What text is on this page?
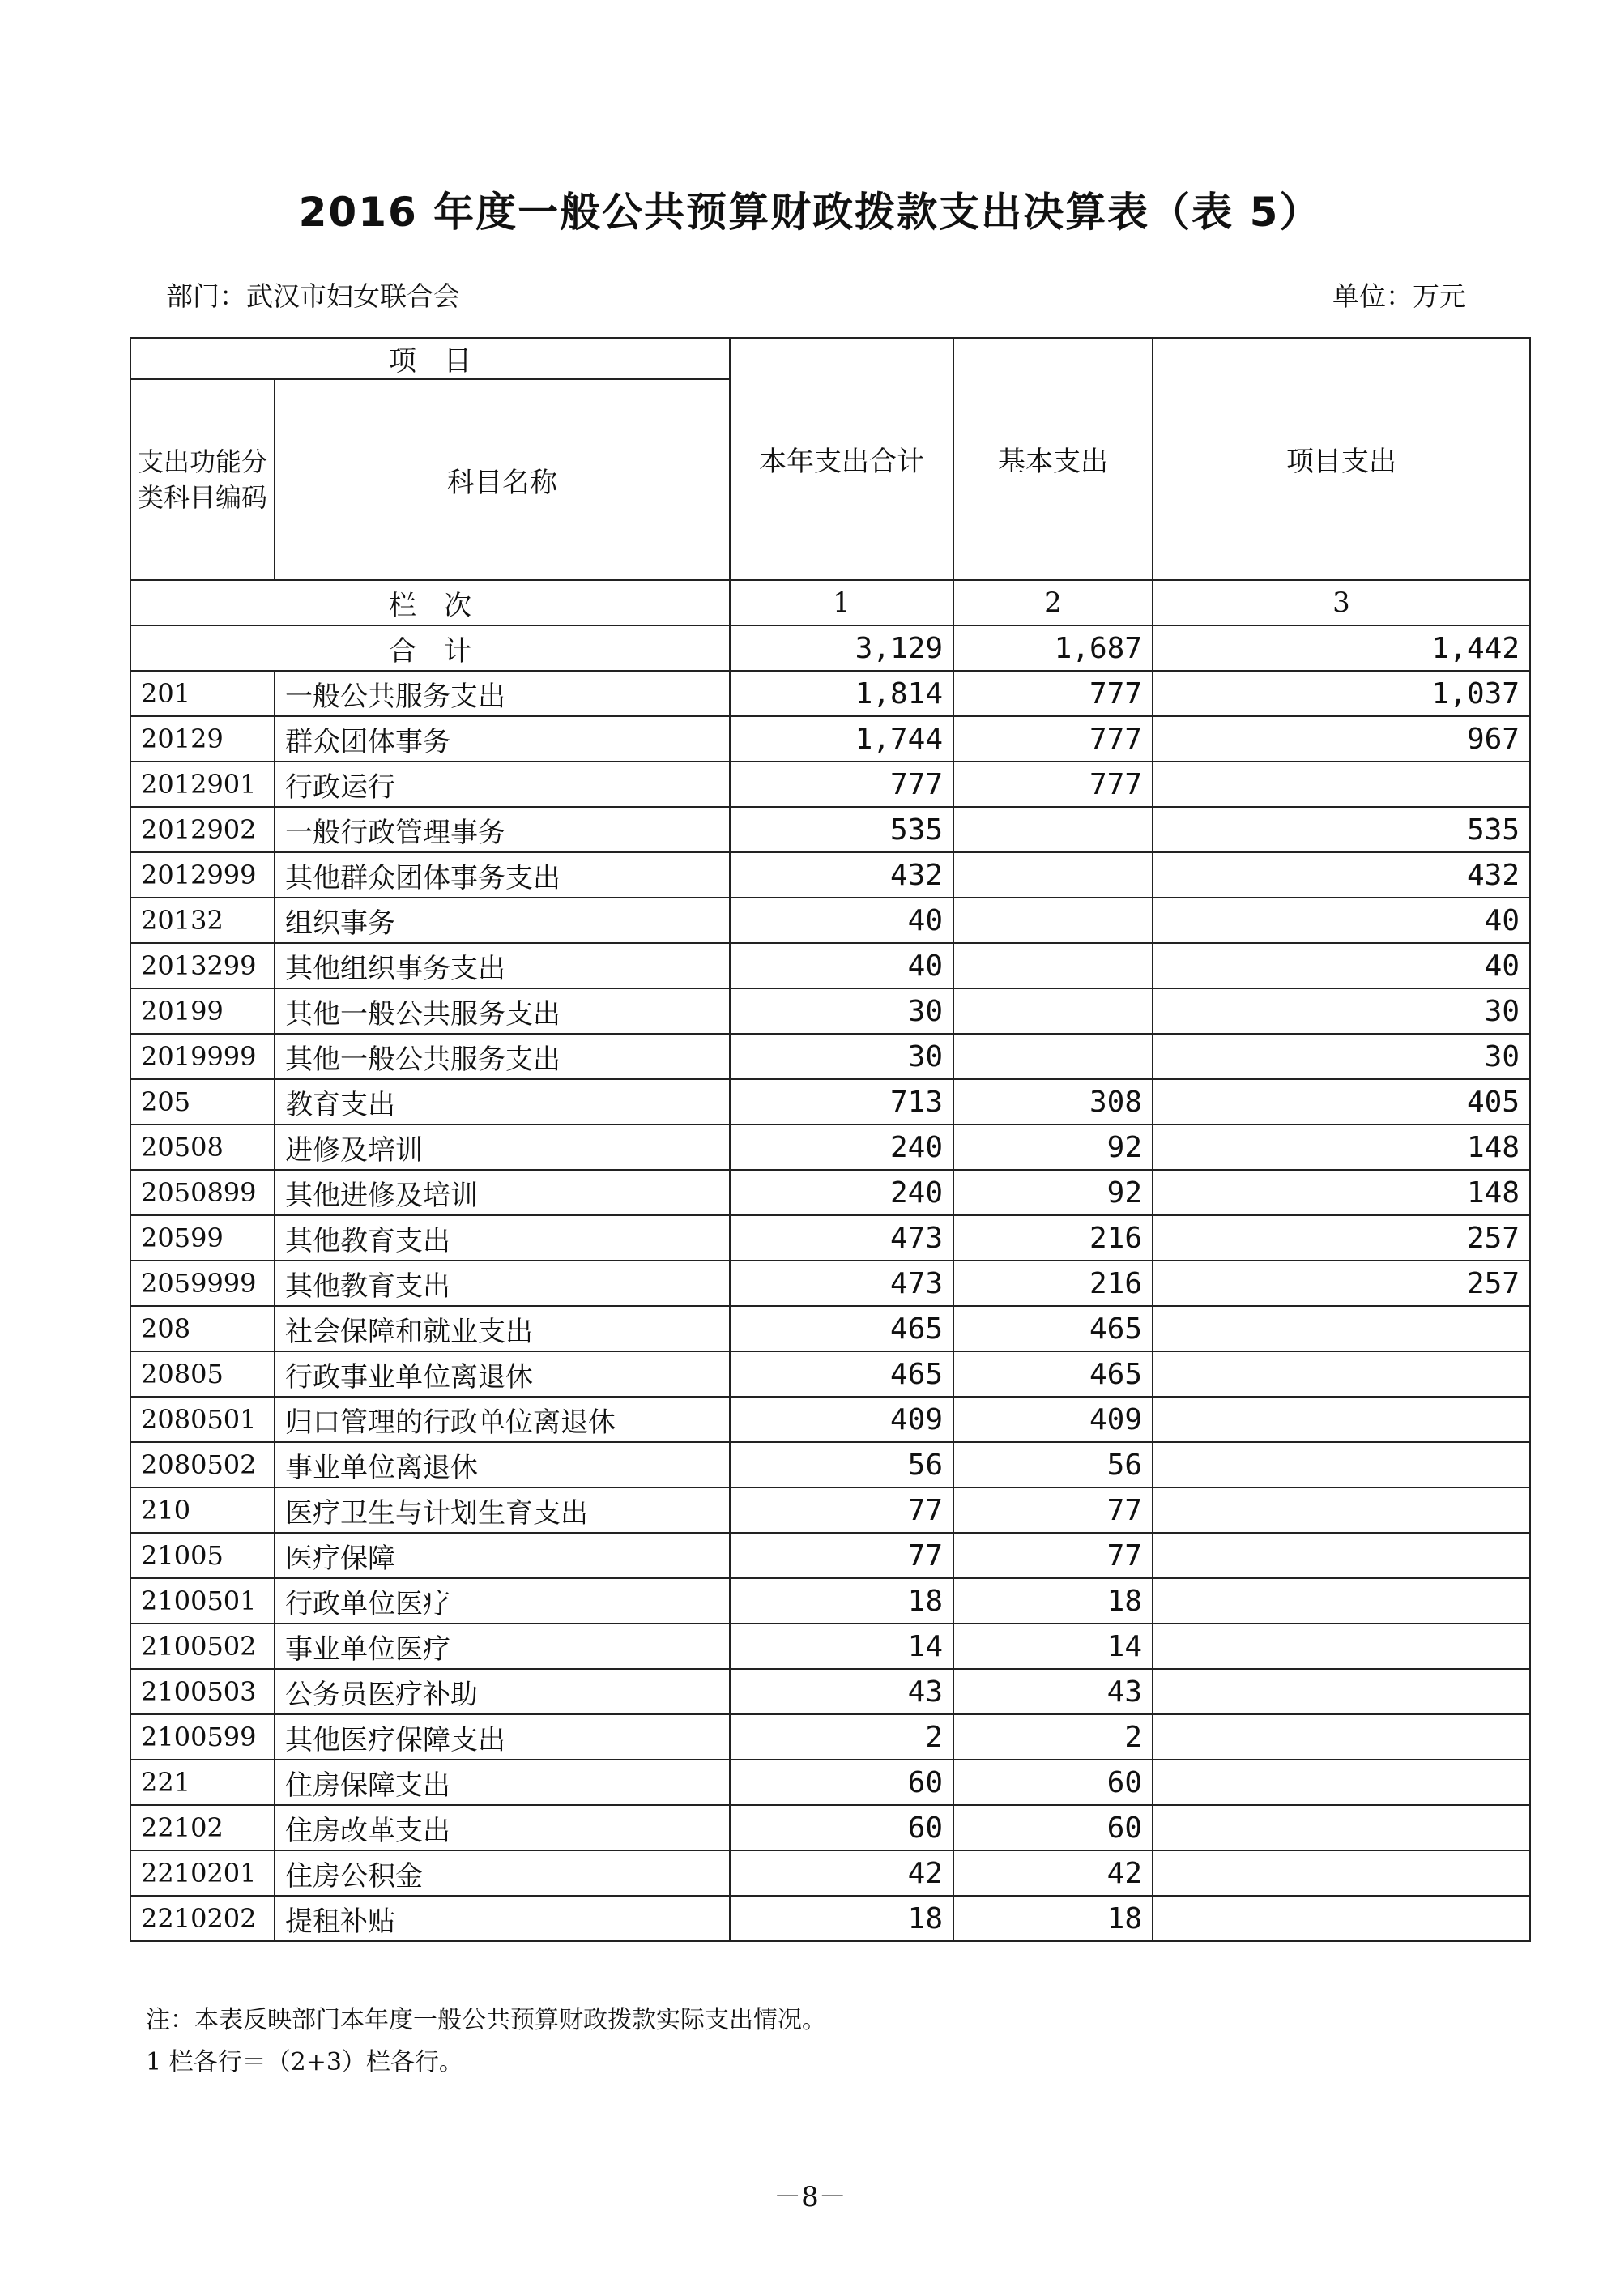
2016 年度一般公共预算财政拨款支出决算表（表 5）
部门：武汉市妇女联合会	单位：万元
项　目		本年支出合计	基本支出	项目支出
支出功能分类科目编码	科目名称			
栏　次		1	2	3
合　计		3,129	1,687	1,442
201	一般公共服务支出	1,814	777	1,037
20129	群众团体事务	1,744	777	967
2012901	行政运行	777	777	
2012902	一般行政管理事务	535		535
2012999	其他群众团体事务支出	432		432
20132	组织事务	40		40
2013299	其他组织事务支出	40		40
20199	其他一般公共服务支出	30		30
2019999	其他一般公共服务支出	30		30
205	教育支出	713	308	405
20508	进修及培训	240	92	148
2050899	其他进修及培训	240	92	148
20599	其他教育支出	473	216	257
2059999	其他教育支出	473	216	257
208	社会保障和就业支出	465	465	
20805	行政事业单位离退休	465	465	
2080501	归口管理的行政单位离退休	409	409	
2080502	事业单位离退休	56	56	
210	医疗卫生与计划生育支出	77	77	
21005	医疗保障	77	77	
2100501	行政单位医疗	18	18	
2100502	事业单位医疗	14	14	
2100503	公务员医疗补助	43	43	
2100599	其他医疗保障支出	2	2	
221	住房保障支出	60	60	
22102	住房改革支出	60	60	
2210201	住房公积金	42	42	
2210202	提租补贴	18	18	
注：本表反映部门本年度一般公共预算财政拨款实际支出情况。
1 栏各行＝（2+3）栏各行。
－8－
